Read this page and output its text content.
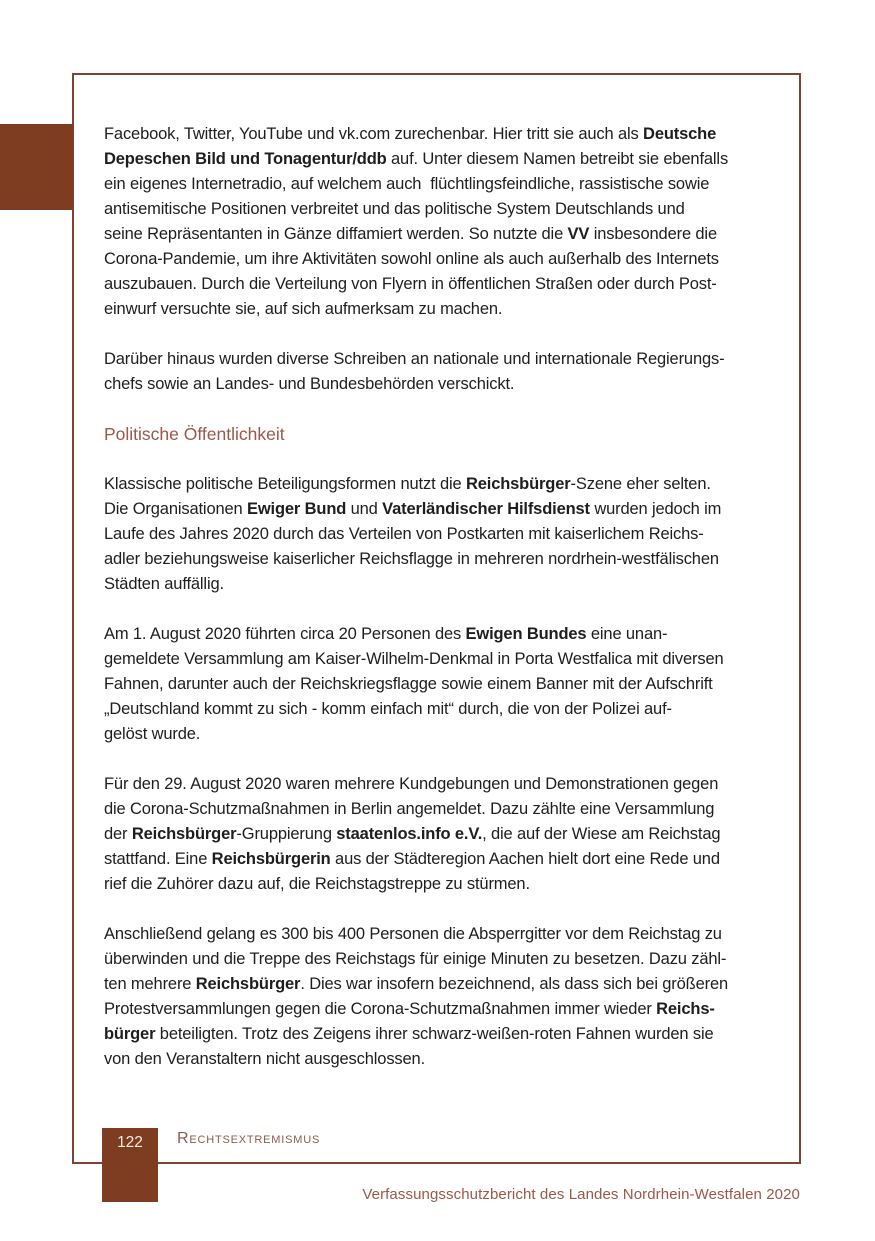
Facebook, Twitter, YouTube und vk.com zurechenbar. Hier tritt sie auch als Deutsche
Depeschen Bild und Tonagentur/ddb auf. Unter diesem Namen betreibt sie ebenfalls
ein eigenes Internetradio, auf welchem auch  flüchtlingsfeindliche, rassistische sowie
antisemitische Positionen verbreitet und das politische System Deutschlands und
seine Repräsentanten in Gänze diffamiert werden. So nutzte die VV insbesondere die
Corona-Pandemie, um ihre Aktivitäten sowohl online als auch außerhalb des Internets
auszubauen. Durch die Verteilung von Flyern in öffentlichen Straßen oder durch Post-
einwurf versuchte sie, auf sich aufmerksam zu machen.

Darüber hinaus wurden diverse Schreiben an nationale und internationale Regierungs-
chefs sowie an Landes- und Bundesbehörden verschickt.

Politische Öffentlichkeit

Klassische politische Beteiligungsformen nutzt die Reichsbürger-Szene eher selten.
Die Organisationen Ewiger Bund und Vaterländischer Hilfsdienst wurden jedoch im
Laufe des Jahres 2020 durch das Verteilen von Postkarten mit kaiserlichem Reichs-
adler beziehungsweise kaiserlicher Reichsflagge in mehreren nordrhein-westfälischen
Städten auffällig.

Am 1. August 2020 führten circa 20 Personen des Ewigen Bundes eine unan-
gemeldete Versammlung am Kaiser-Wilhelm-Denkmal in Porta Westfalica mit diversen
Fahnen, darunter auch der Reichskriegsflagge sowie einem Banner mit der Aufschrift
„Deutschland kommt zu sich - komm einfach mit“ durch, die von der Polizei auf-
gelöst wurde.

Für den 29. August 2020 waren mehrere Kundgebungen und Demonstrationen gegen
die Corona-Schutzmaßnahmen in Berlin angemeldet. Dazu zählte eine Versammlung
der Reichsbürger-Gruppierung staatenlos.info e.V., die auf der Wiese am Reichstag
stattfand. Eine Reichsbürgerin aus der Städteregion Aachen hielt dort eine Rede und
rief die Zuhörer dazu auf, die Reichstagstreppe zu stürmen.

Anschließend gelang es 300 bis 400 Personen die Absperrgitter vor dem Reichstag zu
überwinden und die Treppe des Reichstags für einige Minuten zu besetzen. Dazu zähl-
ten mehrere Reichsbürger. Dies war insofern bezeichnend, als dass sich bei größeren
Protestversammlungen gegen die Corona-Schutzmaßnahmen immer wieder Reichs-
bürger beteiligten. Trotz des Zeigens ihrer schwarz-weißen-roten Fahnen wurden sie
von den Veranstaltern nicht ausgeschlossen.

122	Rechtsextremismus
Verfassungsschutzbericht des Landes Nordrhein-Westfalen 2020
